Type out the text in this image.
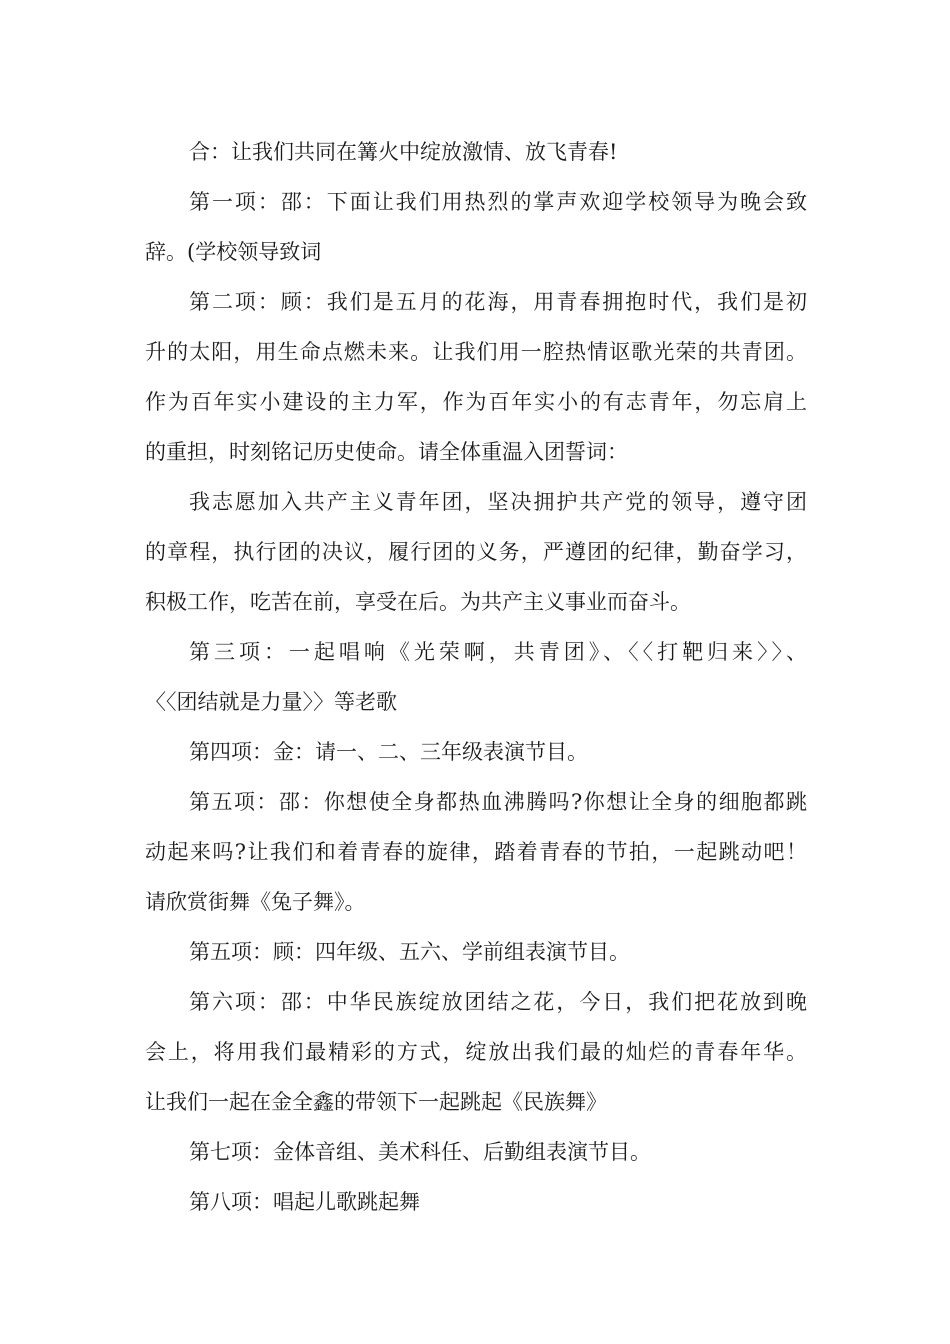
合：让我们共同在篝火中绽放激情、放飞青春!
第一项：邵：下面让我们用热烈的掌声欢迎学校领导为晚会致
辞。(学校领导致词
第二项：顾：我们是五月的花海，用青春拥抱时代，我们是初
升的太阳，用生命点燃未来。让我们用一腔热情讴歌光荣的共青团。
作为百年实小建设的主力军，作为百年实小的有志青年，勿忘肩上
的重担，时刻铭记历史使命。请全体重温入团誓词：
我志愿加入共产主义青年团，坚决拥护共产党的领导，遵守团
的章程，执行团的决议，履行团的义务，严遵团的纪律，勤奋学习，
积极工作，吃苦在前，享受在后。为共产主义事业而奋斗。
第三项：一起唱响《光荣啊，共青团》、〈〈打靶归来〉〉、
〈〈团结就是力量〉〉等老歌
第四项：金：请一、二、三年级表演节目。
第五项：邵：你想使全身都热血沸腾吗?你想让全身的细胞都跳
动起来吗?让我们和着青春的旋律，踏着青春的节拍，一起跳动吧！
请欣赏街舞《兔子舞》。
第五项：顾：四年级、五六、学前组表演节目。
第六项：邵：中华民族绽放团结之花，今日，我们把花放到晚
会上，将用我们最精彩的方式，绽放出我们最的灿烂的青春年华。
让我们一起在金全鑫的带领下一起跳起《民族舞》
第七项：金体音组、美术科任、后勤组表演节目。
第八项：唱起儿歌跳起舞
